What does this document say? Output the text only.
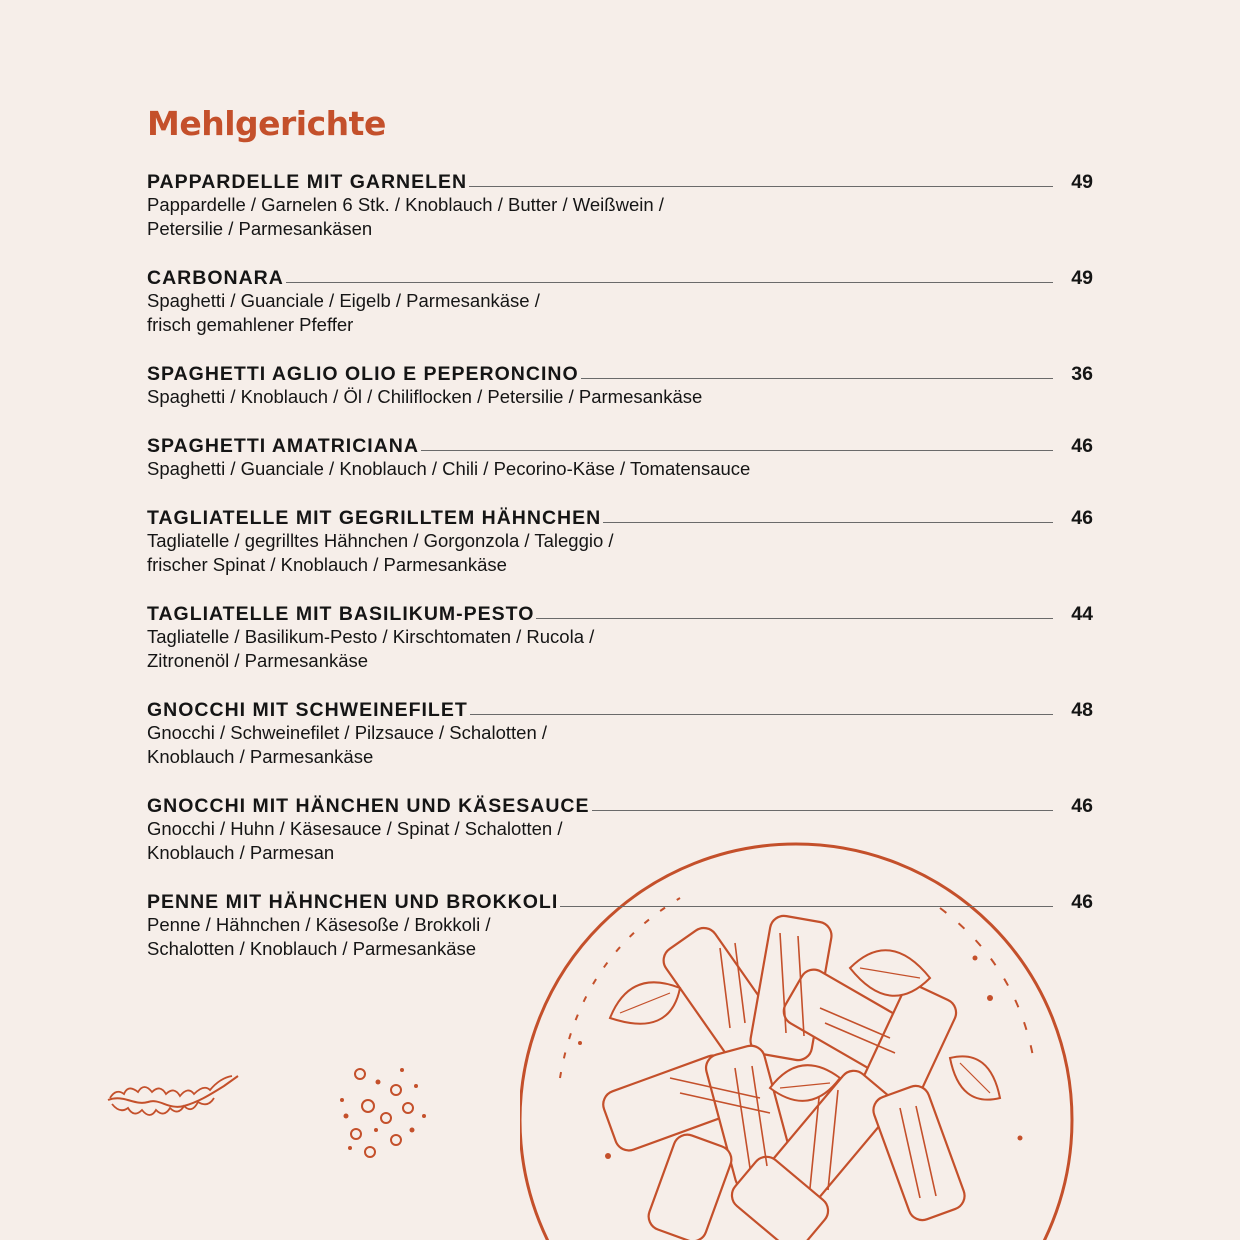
Mehlgerichte
PAPPARDELLE MIT GARNELEN	49
Pappardelle / Garnelen 6 Stk. / Knoblauch / Butter / Weißwein /
Petersilie / Parmesankäsen
CARBONARA	49
Spaghetti / Guanciale / Eigelb / Parmesankäse /
frisch gemahlener Pfeffer
SPAGHETTI AGLIO OLIO E PEPERONCINO	36
Spaghetti / Knoblauch / Öl / Chiliflocken / Petersilie / Parmesankäse
SPAGHETTI AMATRICIANA	46
Spaghetti / Guanciale / Knoblauch / Chili / Pecorino-Käse / Tomatensauce
TAGLIATELLE MIT GEGRILLTEM HÄHNCHEN	46
Tagliatelle / gegrilltes Hähnchen / Gorgonzola / Taleggio /
frischer Spinat / Knoblauch / Parmesankäse
TAGLIATELLE MIT BASILIKUM-PESTO	44
Tagliatelle / Basilikum-Pesto / Kirschtomaten / Rucola /
Zitronenöl / Parmesankäse
GNOCCHI MIT SCHWEINEFILET	48
Gnocchi / Schweinefilet / Pilzsauce / Schalotten /
Knoblauch / Parmesankäse
GNOCCHI MIT HÄNCHEN UND KÄSESAUCE	46
Gnocchi / Huhn / Käsesauce / Spinat / Schalotten /
Knoblauch / Parmesan
PENNE MIT HÄHNCHEN UND BROKKOLI	46
Penne / Hähnchen / Käsesoße / Brokkoli /
Schalotten / Knoblauch / Parmesankäse
